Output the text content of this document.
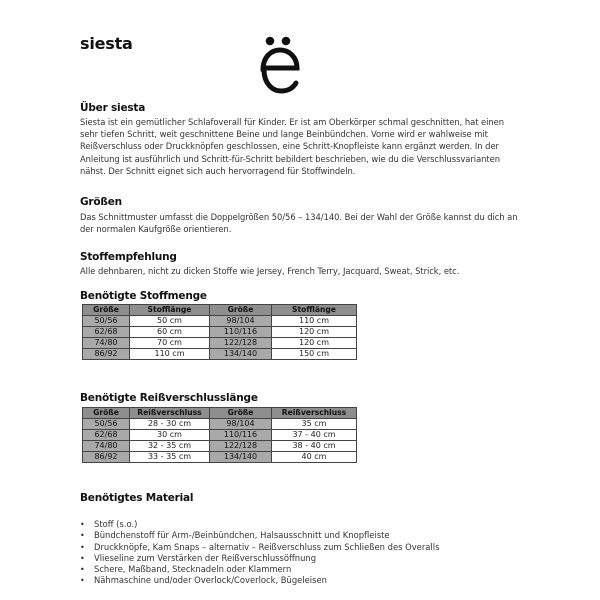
siesta
Über siesta

Siesta ist ein gemütlicher Schlafoverall für Kinder. Er ist am Oberkörper schmal geschnitten, hat einen sehr tiefen Schritt, weit geschnittene Beine und lange Beinbündchen. Vorne wird er wahlweise mit Reißverschluss oder Druckknöpfen geschlossen, eine Schritt-Knopfleiste kann ergänzt werden. In der Anleitung ist ausführlich und Schritt-für-Schritt bebildert beschrieben, wie du die Verschlussvarianten nähst. Der Schnitt eignet sich auch hervorragend für Stoffwindeln.

Größen

Das Schnittmuster umfasst die Doppelgrößen 50/56 – 134/140. Bei der Wahl der Größe kannst du dich an der normalen Kaufgröße orientieren.

Stoffempfehlung

Alle dehnbaren, nicht zu dicken Stoffe wie Jersey, French Terry, Jacquard, Sweat, Strick, etc.

Benötigte Stoffmenge
Größe	Stofflänge	Größe	Stofflänge
50/56	50 cm	98/104	110 cm
62/68	60 cm	110/116	120 cm
74/80	70 cm	122/128	120 cm
86/92	110 cm	134/140	150 cm
Benötigte Reißverschlusslänge
Größe	Reißverschluss	Größe	Reißverschluss
50/56	28 - 30 cm	98/104	35 cm
62/68	30 cm	110/116	37 - 40 cm
74/80	32 - 35 cm	122/128	38 - 40 cm
86/92	33 - 35 cm	134/140	40 cm
Benötigtes Material
• Stoff (s.o.)
• Bündchenstoff für Arm-/Beinbündchen, Halsausschnitt und Knopfleiste
• Druckknöpfe, Kam Snaps – alternativ – Reißverschluss zum Schließen des Overalls
• Vlieseline zum Verstärken der Reißverschlussöffnung
• Schere, Maßband, Stecknadeln oder Klammern
• Nähmaschine und/oder Overlock/Coverlock, Bügeleisen
